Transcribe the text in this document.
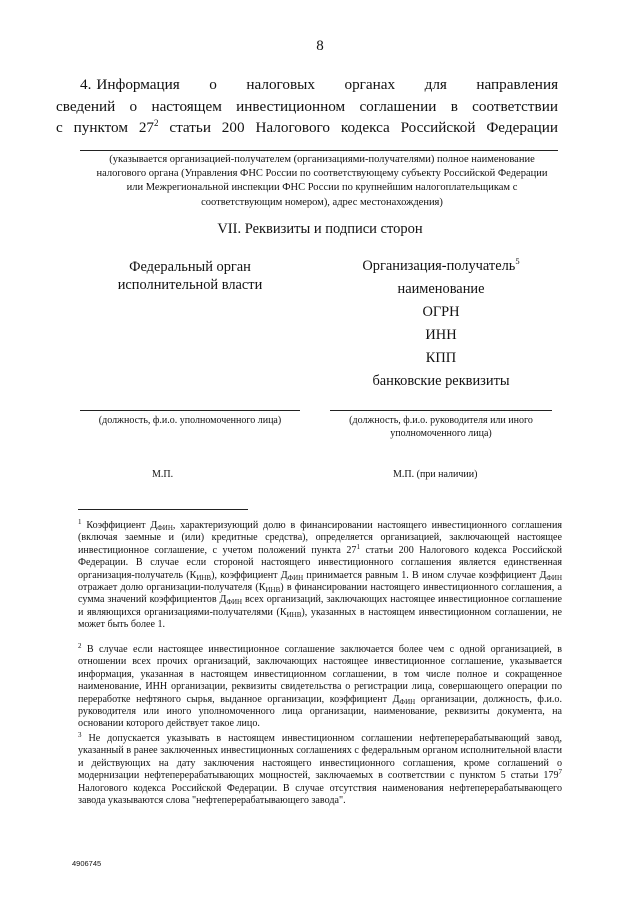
8
4. Информация о налоговых органах для направления
сведений о настоящем инвестиционном соглашении в соответствии
с пунктом $27^2$ статьи 200 Налогового кодекса Российской Федерации
(указывается организацией-получателем (организациями-получателями) полное наименование налогового органа (Управления ФНС России по соответствующему субъекту Российской Федерации или Межрегиональной инспекции ФНС России по крупнейшим налогоплательщикам с соответствующим номером), адрес местонахождения)
VII. Реквизиты и подписи сторон
Федеральный орган
исполнительной власти
Организация-получатель$^5$
наименование
ОГРН
ИНН
КПП
банковские реквизиты
(должность, ф.и.о. уполномоченного лица)	(должность, ф.и.о. руководителя или иного уполномоченного лица)
М.П.	М.П. (при наличии)
$^1$ Коэффициент $Д_{ФИН}$, характеризующий долю в финансировании настоящего инвестиционного соглашения (включая заемные и (или) кредитные средства), определяется организацией, заключающей настоящее инвестиционное соглашение, с учетом положений пункта $27^1$ статьи 200 Налогового кодекса Российской Федерации. В случае если стороной настоящего инвестиционного соглашения является единственная организация-получатель $(К_{ИНВ})$, коэффициент $Д_{ФИН}$ принимается равным 1. В ином случае коэффициент $Д_{ФИН}$ отражает долю организации-получателя $(К_{ИНВ})$ в финансировании настоящего инвестиционного соглашения, а сумма значений коэффициентов $Д_{ФИН}$ всех организаций, заключающих настоящее инвестиционное соглашение и являющихся организациями-получателями $(К_{ИНВ})$, указанных в настоящем инвестиционном соглашении, не может быть более 1.
$^2$ В случае если настоящее инвестиционное соглашение заключается более чем с одной организацией, в отношении всех прочих организаций, заключающих настоящее инвестиционное соглашение, указывается информация, указанная в настоящем инвестиционном соглашении, в том числе полное и сокращенное наименование, ИНН организации, реквизиты свидетельства о регистрации лица, совершающего операции по переработке нефтяного сырья, выданное организации, коэффициент $Д_{ФИН}$ организации, должность, ф.и.о. руководителя или иного уполномоченного лица организации, наименование, реквизиты документа, на основании которого действует такое лицо.
$^3$ Не допускается указывать в настоящем инвестиционном соглашении нефтеперерабатывающий завод, указанный в ранее заключенных инвестиционных соглашениях с федеральным органом исполнительной власти и действующих на дату заключения настоящего инвестиционного соглашения, кроме соглашений о модернизации нефтеперерабатывающих мощностей, заключаемых в соответствии с пунктом 5 статьи $179^7$ Налогового кодекса Российской Федерации. В случае отсутствия наименования нефтеперерабатывающего завода указываются слова "нефтеперерабатывающего завода".
4906745
